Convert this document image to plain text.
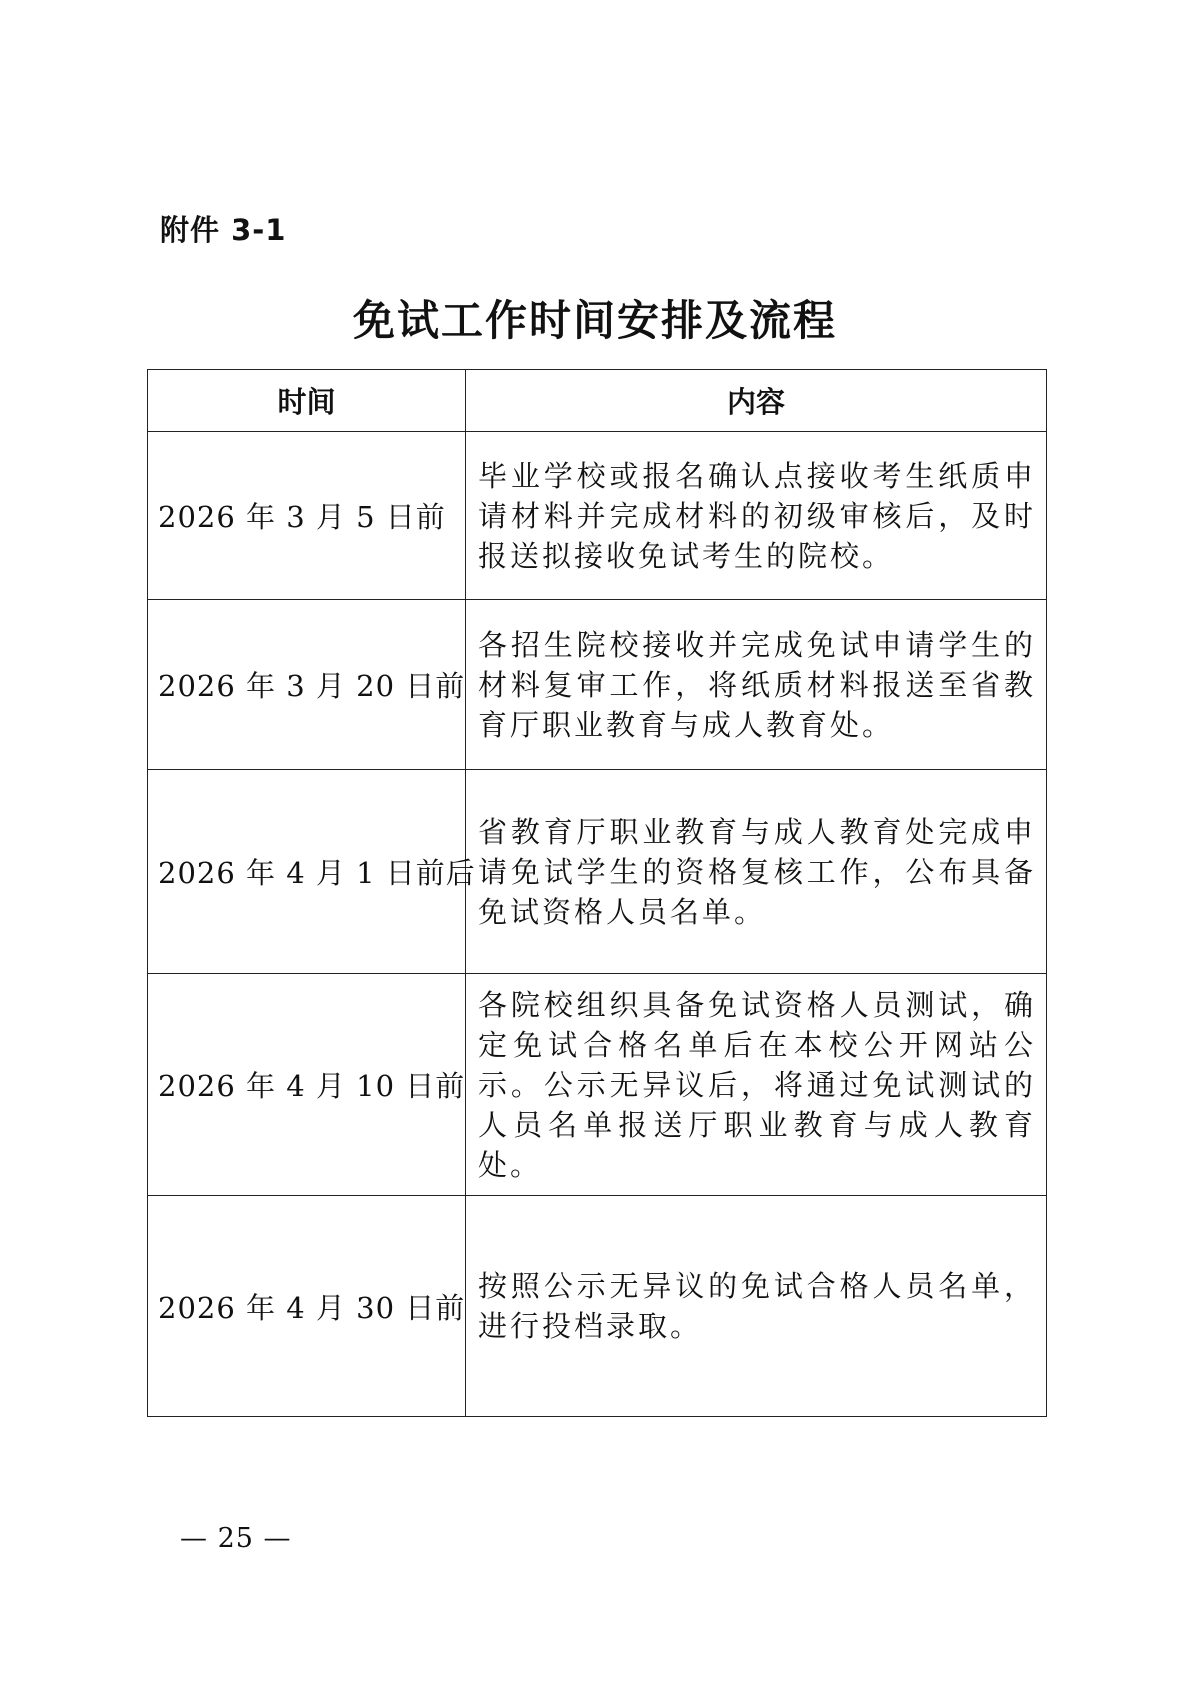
附件 3-1
免试工作时间安排及流程
时间	内容
2026 年 3 月 5 日前	毕业学校或报名确认点接收考生纸质申请材料并完成材料的初级审核后，及时报送拟接收免试考生的院校。
2026 年 3 月 20 日前	各招生院校接收并完成免试申请学生的材料复审工作，将纸质材料报送至省教育厅职业教育与成人教育处。
2026 年 4 月 1 日前后	省教育厅职业教育与成人教育处完成申请免试学生的资格复核工作，公布具备免试资格人员名单。
2026 年 4 月 10 日前	各院校组织具备免试资格人员测试，确定免试合格名单后在本校公开网站公示。公示无异议后，将通过免试测试的人员名单报送厅职业教育与成人教育处。
2026 年 4 月 30 日前	按照公示无异议的免试合格人员名单，进行投档录取。
— 25 —
